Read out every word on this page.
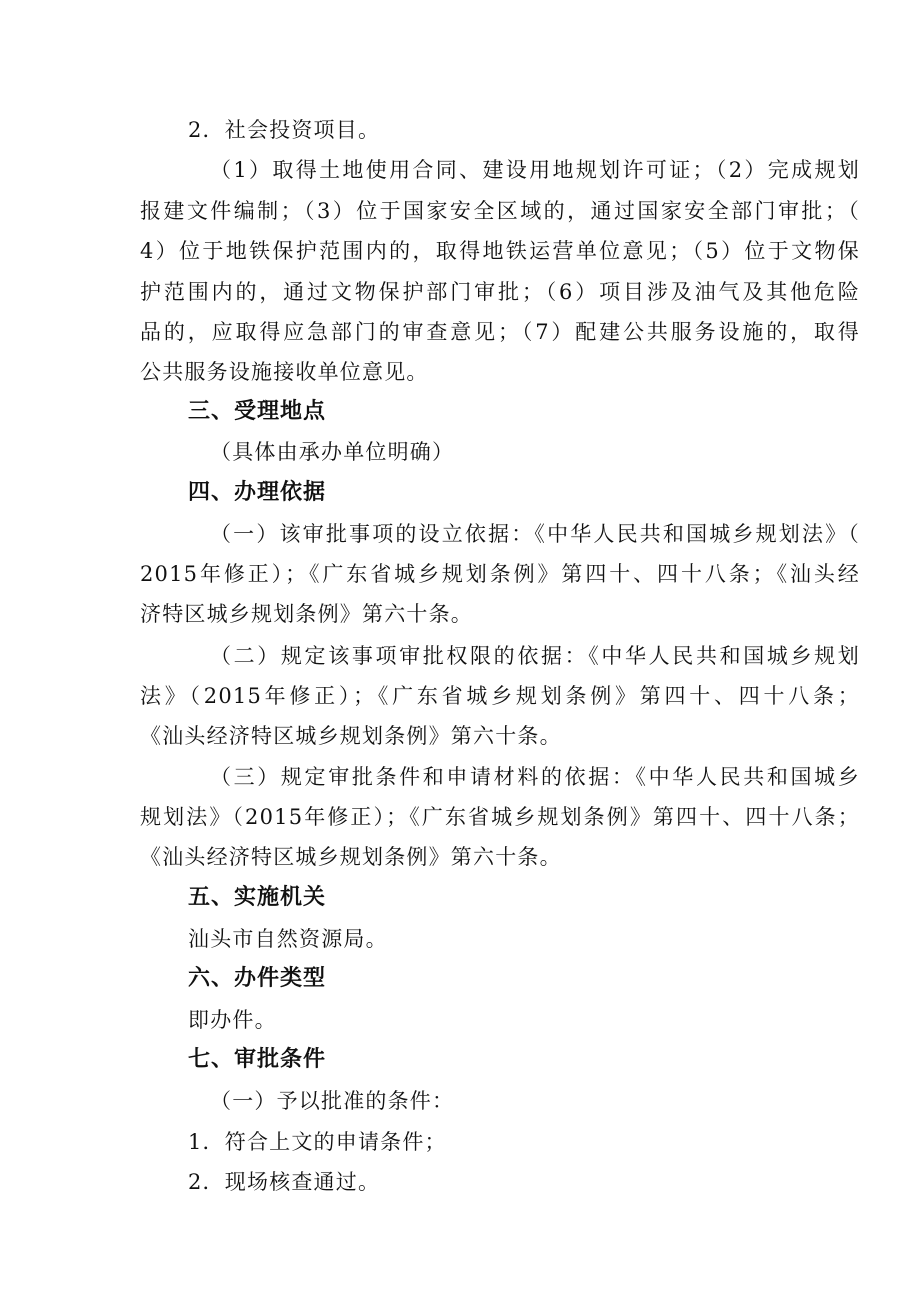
2．社会投资项目。
（1）取得土地使用合同、建设用地规划许可证；（2）完成规划
报建文件编制；（3）位于国家安全区域的，通过国家安全部门审批；（
4）位于地铁保护范围内的，取得地铁运营单位意见；（5）位于文物保
护范围内的，通过文物保护部门审批；（6）项目涉及油气及其他危险
品的，应取得应急部门的审查意见；（7）配建公共服务设施的，取得
公共服务设施接收单位意见。
三、受理地点
（具体由承办单位明确）
四、办理依据
（一）该审批事项的设立依据：《中华人民共和国城乡规划法》（
2015年修正）；《广东省城乡规划条例》第四十、四十八条；《汕头经
济特区城乡规划条例》第六十条。
（二）规定该事项审批权限的依据：《中华人民共和国城乡规划
法》（2015年修正）；《广东省城乡规划条例》第四十、四十八条；
《汕头经济特区城乡规划条例》第六十条。
（三）规定审批条件和申请材料的依据：《中华人民共和国城乡
规划法》（2015年修正）；《广东省城乡规划条例》第四十、四十八条；
《汕头经济特区城乡规划条例》第六十条。
五、实施机关
汕头市自然资源局。
六、办件类型
即办件。
七、审批条件
（一）予以批准的条件：
1．符合上文的申请条件；
2．现场核查通过。
